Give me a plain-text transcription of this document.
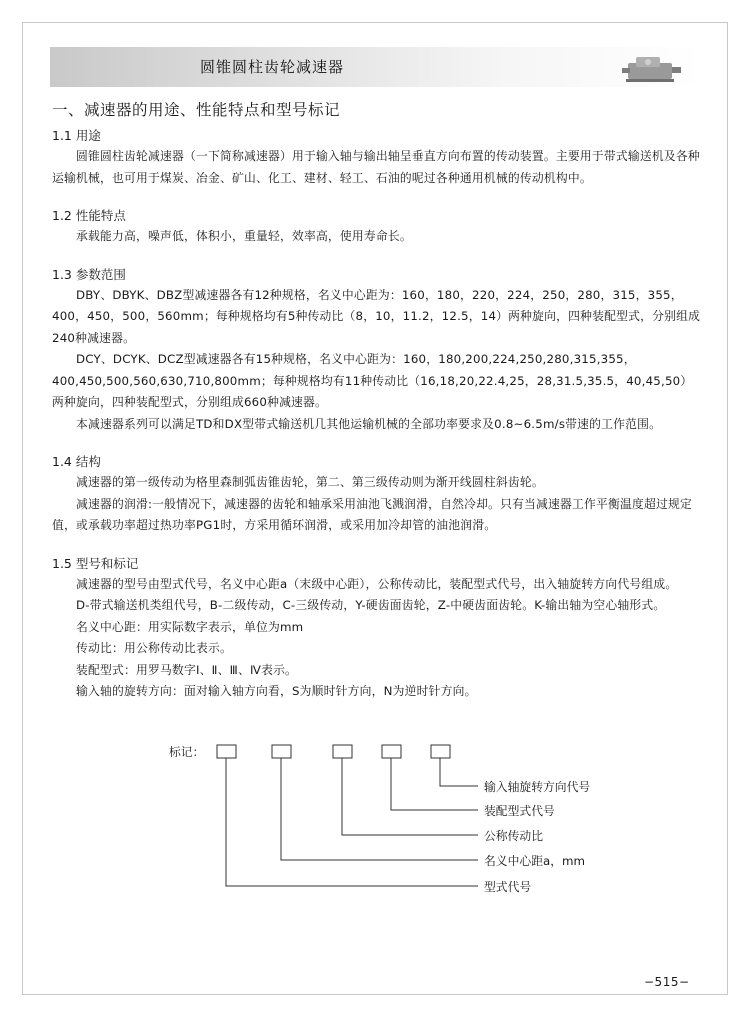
圆锥圆柱齿轮减速器

一、减速器的用途、性能特点和型号标记

1.1 用途

圆锥圆柱齿轮减速器（一下简称减速器）用于输入轴与输出轴呈垂直方向布置的传动装置。主要用于带式输送机及各种运输机械，也可用于煤炭、冶金、矿山、化工、建材、轻工、石油的呢过各种通用机械的传动机构中。

1.2 性能特点

承载能力高，噪声低，体积小，重量轻，效率高，使用寿命长。

1.3 参数范围

DBY、DBYK、DBZ型减速器各有12种规格，名义中心距为：160，180，220，224，250，280，315，355，400，450，500，560mm；每种规格均有5种传动比（8，10，11.2，12.5，14）两种旋向，四种装配型式，分别组成240种减速器。

DCY、DCYK、DCZ型减速器各有15种规格，名义中心距为：160，180,200,224,250,280,315,355，400,450,500,560,630,710,800mm；每种规格均有11种传动比（16,18,20,22.4,25，28,31.5,35.5，40,45,50）两种旋向，四种装配型式，分别组成660种减速器。

本减速器系列可以满足TD和DX型带式输送机几其他运输机械的全部功率要求及0.8~6.5m/s带速的工作范围。

1.4 结构

减速器的第一级传动为格里森制弧齿锥齿轮，第二、第三级传动则为渐开线圆柱斜齿轮。

减速器的润滑:一般情况下，减速器的齿轮和轴承采用油池飞溅润滑，自然冷却。只有当减速器工作平衡温度超过规定值，或承载功率超过热功率PG1时，方采用循环润滑，或采用加冷却管的油池润滑。

1.5 型号和标记

减速器的型号由型式代号，名义中心距a（末级中心距），公称传动比，装配型式代号，出入轴旋转方向代号组成。

D-带式输送机类组代号，B-二级传动，C-三级传动，Y-硬齿面齿轮，Z-中硬齿面齿轮。K-输出轴为空心轴形式。

名义中心距：用实际数字表示，单位为mm

传动比：用公称传动比表示。

装配型式：用罗马数字Ⅰ、Ⅱ、Ⅲ、Ⅳ表示。

输入轴的旋转方向：面对输入轴方向看，S为顺时针方向，N为逆时针方向。

标记：
输入轴旋转方向代号
装配型式代号
公称传动比
名义中心距a，mm
型式代号
−515−
